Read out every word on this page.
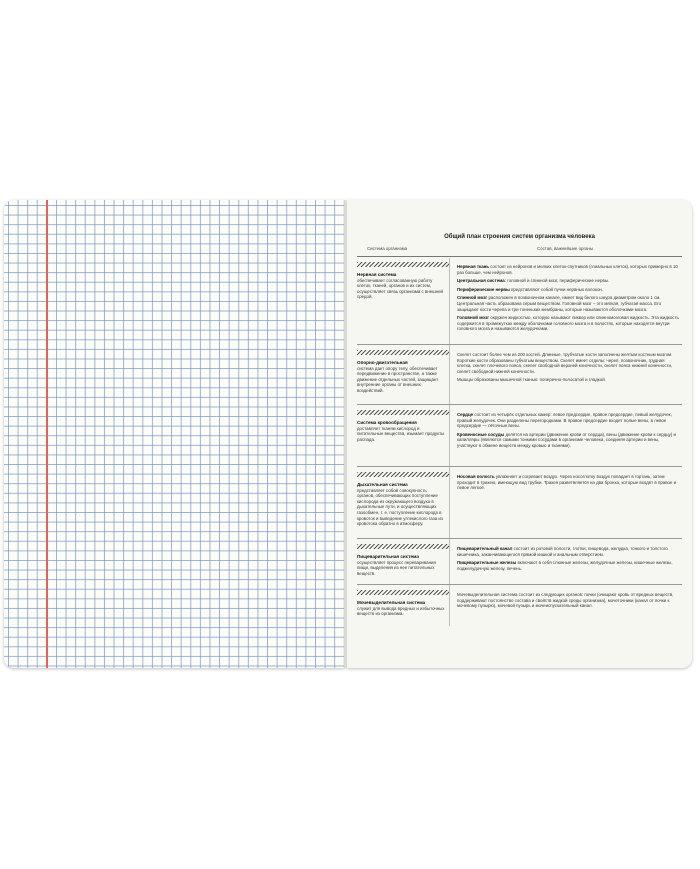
Общий план строения систем организма человека
Система организма	Состав, важнейшие органы
Нервная система
обеспечивает согласованную работу клеток, тканей, органов и их систем, осуществляет связь организма с внешней средой.

Нервная ткань состоит из нейронов и мелких клеток-спутников (глиальных клеток), которых примерно в 10 раз больше, чем нейронов.

Центральная система: головной и спинной мозг, периферические нервы.

Периферические нервы представляют собой пучки нервных волокон.

Спинной мозг расположен в позвоночном канале, имеет вид белого шнура диаметром около 1 см. Центральная часть образована серым веществом. Головной мозг – это мягкая, губчатая масса. Его защищают кости черепа и три тоненьких мембраны, которые называются оболочками мозга.

Головной мозг окружен жидкостью, которую называют ликвор или спинномозговая жидкость. Эта жидкость содержится в промежутках между оболочками головного мозга и в полостях, которые находятся внутри головного мозга и называются желудочками.

Опорно-двигательная
система дает опору телу, обеспечивает передвижение в пространстве, а также движение отдельных частей, защищает внутренние органы от внешних воздействий.

Скелет состоит более чем из 200 костей. Длинные, трубчатые кости заполнены желтым костным мозгом. Короткие кости образованы губчатым веществом. Скелет имеет отделы: череп, позвоночник, грудная клетка, скелет плечевого пояса, скелет свободной верхней конечности, скелет пояса нижней конечности, скелет свободной нижней конечности.

Мышцы образованы мышечной тканью: поперечно-полосатой и гладкой.

Система кровообращения
доставляет тканям кислород и питательные вещества, изымает продукты распада.

Сердце состоит из четырёх отдельных камер: левое предсердие, правое предсердие, левый желудочек, правый желудочек. Они разделены перегородками. В правое предсердие входят полые вены, в левое предсердие — лёгочные вены.

Кровеносные сосуды делятся на артерии (движение крови от сердца), вены (движение крови к сердцу) и капилляры (являются самыми тонкими сосудами в организме человека, соединяя артерии и вены, участвуют в обмене веществ между кровью и тканями).

Дыхательная система
представляет собой совокупность органов, обеспечивающих поступление кислорода из окружающего воздуха в дыхательные пути, и осуществляющих газообмен, т. е. поступление кислорода в кровоток и выведение углекислого газа из кровотока обратно в атмосферу.

Носовая полость увлажняет и согревает воздух. Через носоглотку воздух попадает в гортань, затем проходит в трахею, имеющую вид трубки. Трахея разветвляется на два бронха, которые входят в правое и левое легкое.

Пищеварительная система
осуществляет процесс переваривания пищи, выделения из нее питательных веществ.

Пищеварительный канал состоит из ротовой полости, глотки, пищевода, желудка, тонкого и толстого кишечника, заканчивающегося прямой кишкой и анальным отверстием.

Пищеварительные железы включают в себя слюнные железы, желудочные железы, кишечные железы, поджелудочную железу, печень.

Мочевыделительная система
служит для вывода вредных и избыточных веществ из организма.

Мочевыделительная система состоит из следующих органов: почки (очищают кровь от вредных веществ, поддерживают постоянство состава и свойств жидкой среды организма), мочеточники (канал от почки к мочевому пузырю), мочевой пузырь и мочеиспускательный канал.
